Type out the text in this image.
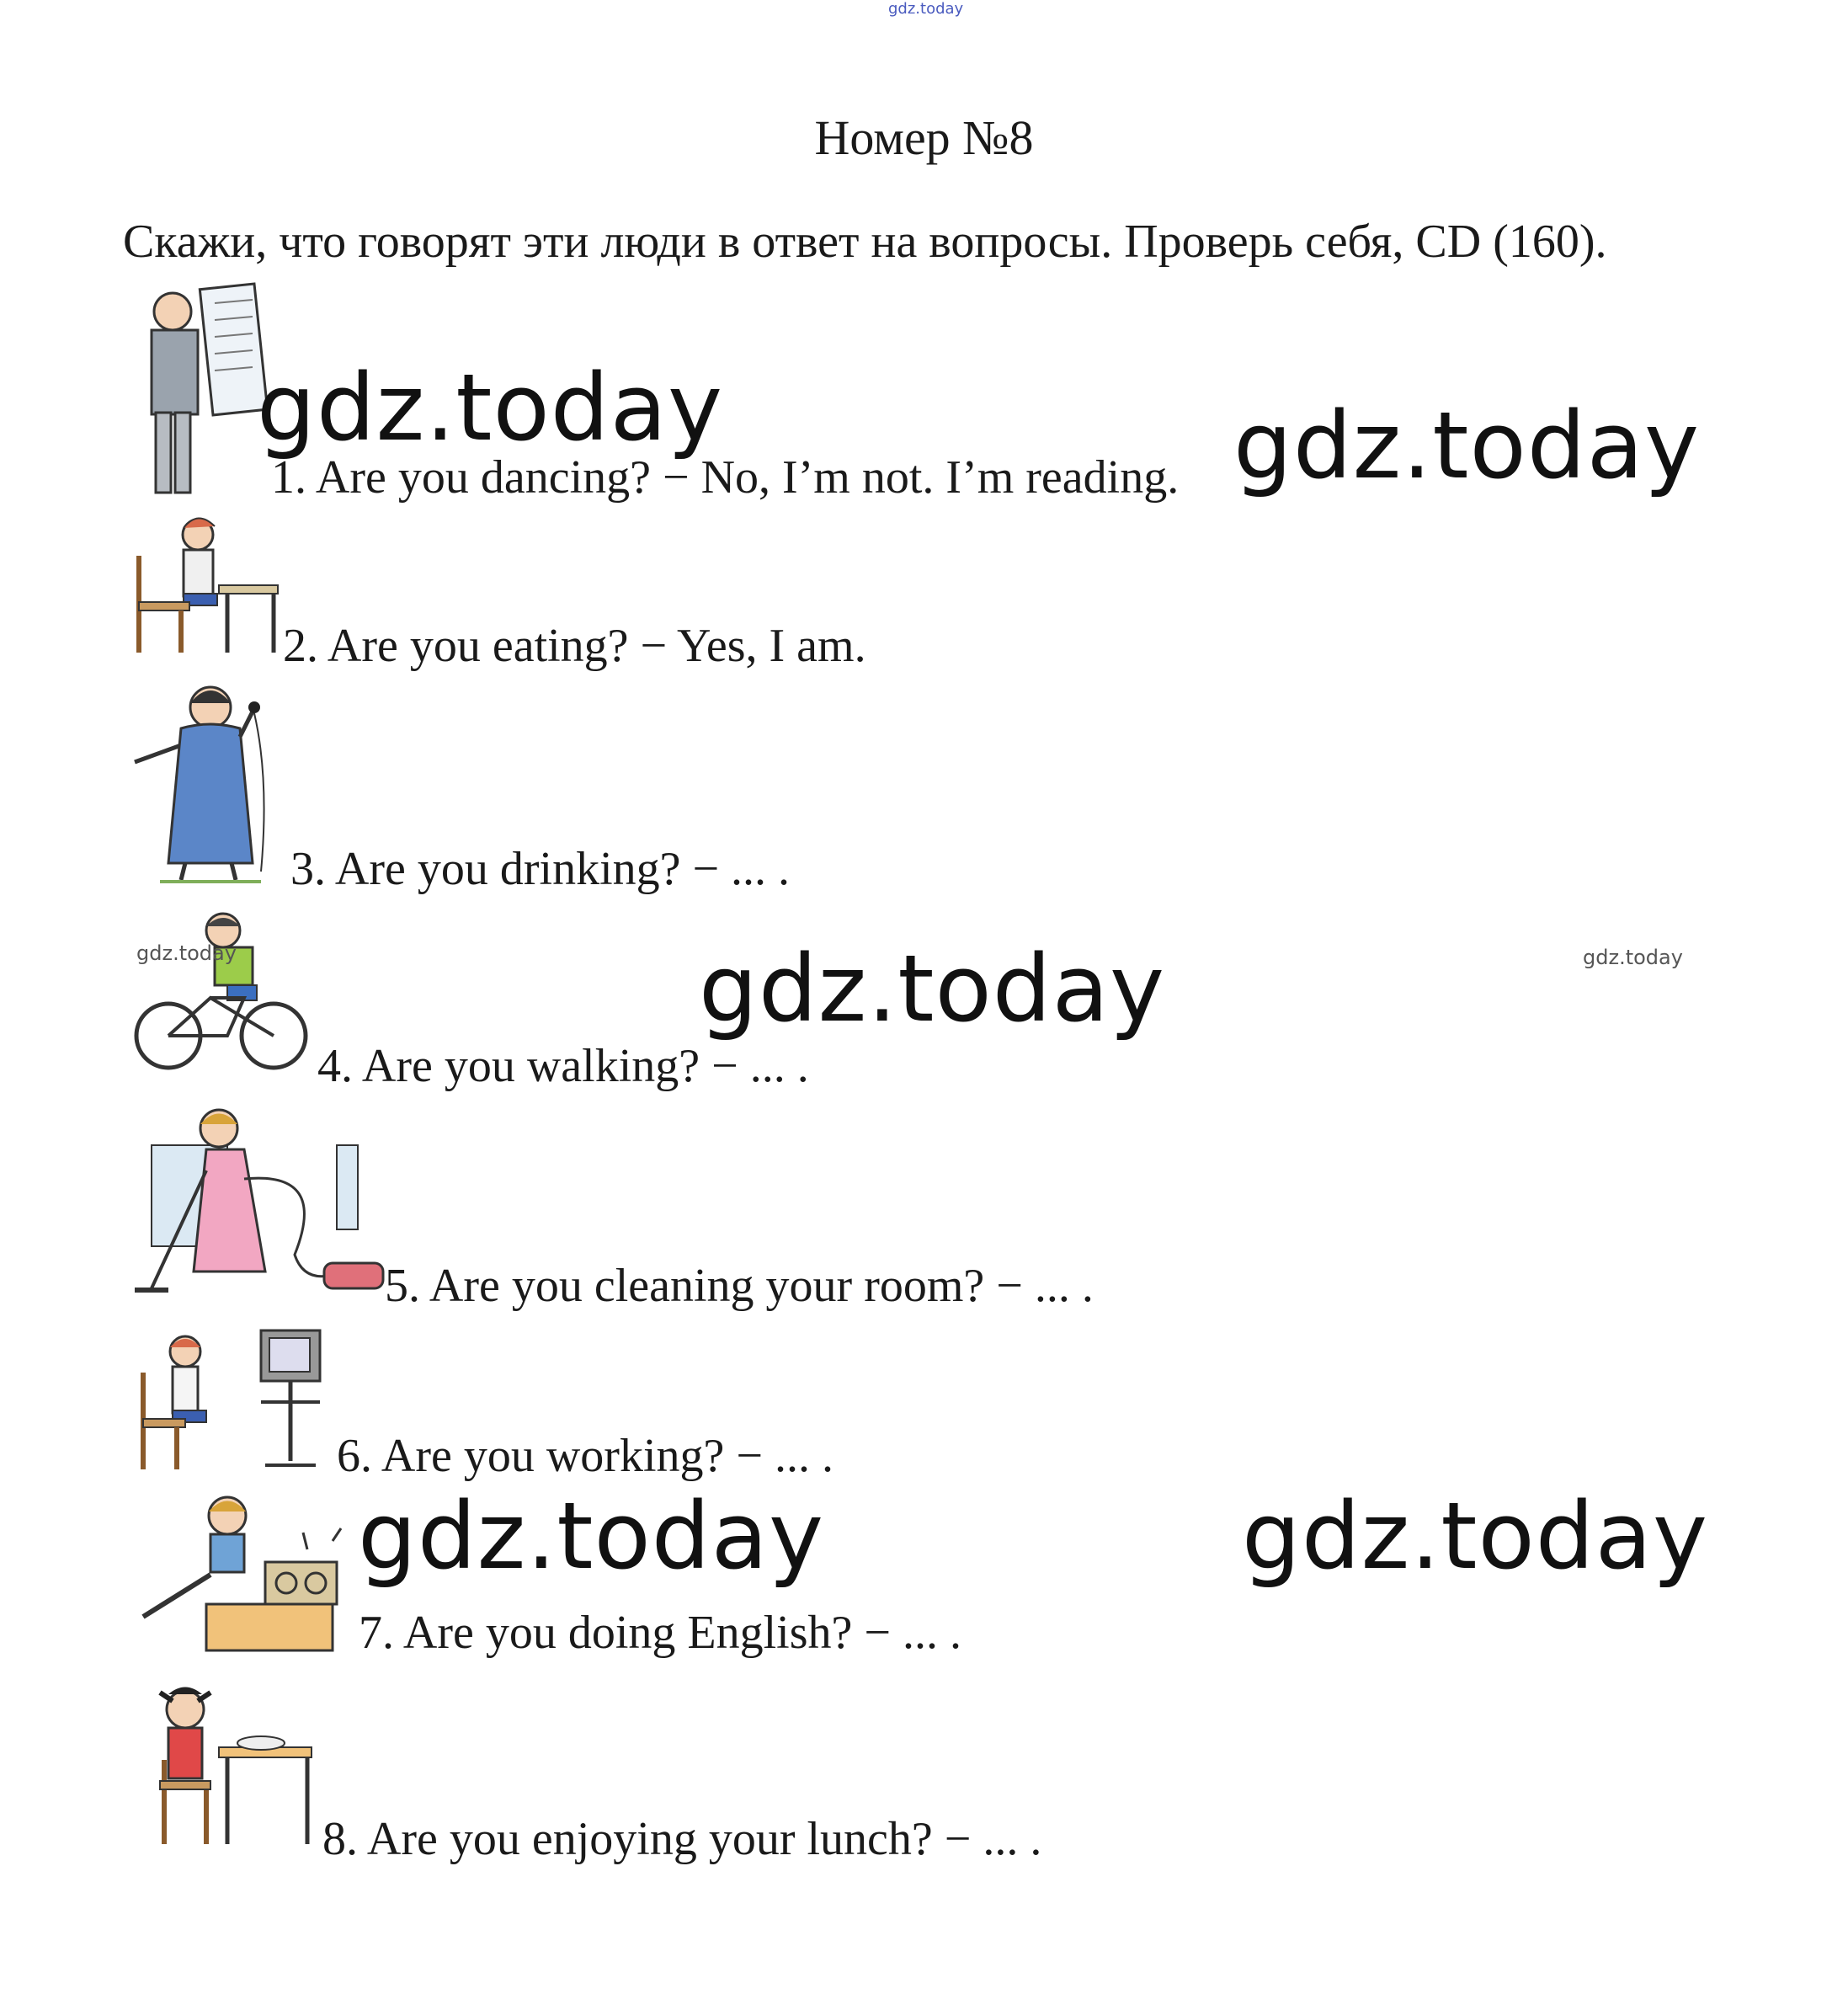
gdz.today
Номер №8
Скажи, что говорят эти люди в ответ на вопросы. Проверь себя, CD (160).
1. Are you dancing? − No, I’m not. I’m reading.
2. Are you eating? − Yes, I am.
3. Are you drinking? − ... .
4. Are you walking? − ... .
5. Are you cleaning your room? − ... .
6. Are you working? − ... .
7. Are you doing English? − ... .
8. Are you enjoying your lunch? − ... .
gdz.today	gdz.today
gdz.today
gdz.today	gdz.today
gdz.today	gdz.today
